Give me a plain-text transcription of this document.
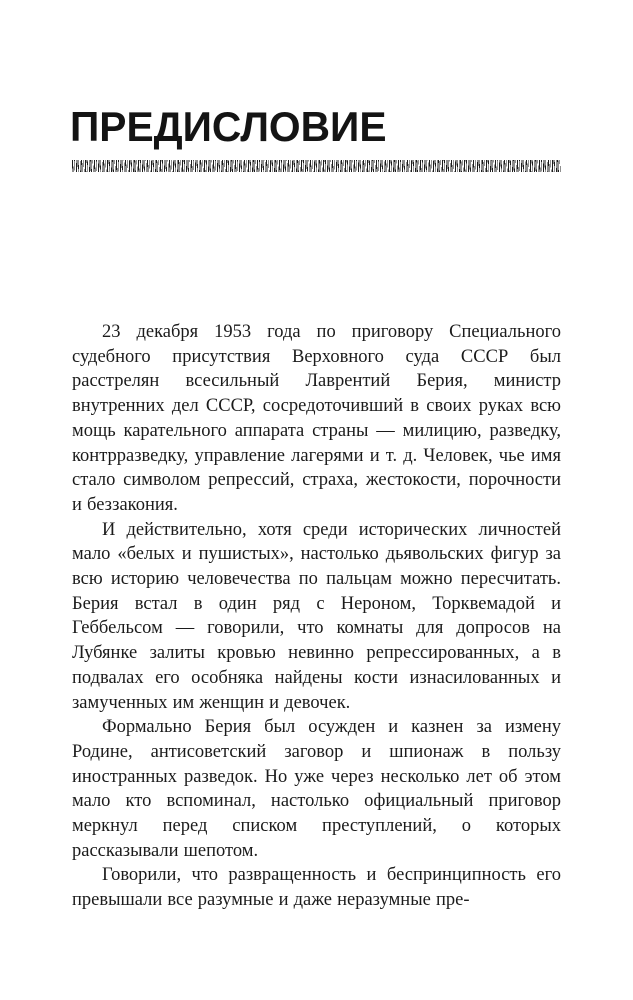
ПРЕДИСЛОВИЕ

23 декабря 1953 года по приговору Специального судебного присутствия Верховного суда СССР был расстрелян всесильный Лаврентий Берия, министр внутренних дел СССР, сосредоточивший в своих руках всю мощь карательного аппарата страны — милицию, разведку, контрразведку, управление лагерями и т. д. Человек, чье имя стало символом репрессий, страха, жестокости, порочности и беззакония.

И действительно, хотя среди исторических личностей мало «белых и пушистых», настолько дьявольских фигур за всю историю человечества по пальцам можно пересчитать. Берия встал в один ряд с Нероном, Торквемадой и Геббельсом — говорили, что комнаты для допросов на Лубянке залиты кровью невинно репрессированных, а в подвалах его особняка найдены кости изнасилованных и замученных им женщин и девочек.

Формально Берия был осужден и казнен за измену Родине, антисоветский заговор и шпионаж в пользу иностранных разведок. Но уже через несколько лет об этом мало кто вспоминал, настолько официальный приговор меркнул перед списком преступлений, о которых рассказывали шепотом.

Говорили, что развращенность и беспринципность его превышали все разумные и даже неразумные пре-
